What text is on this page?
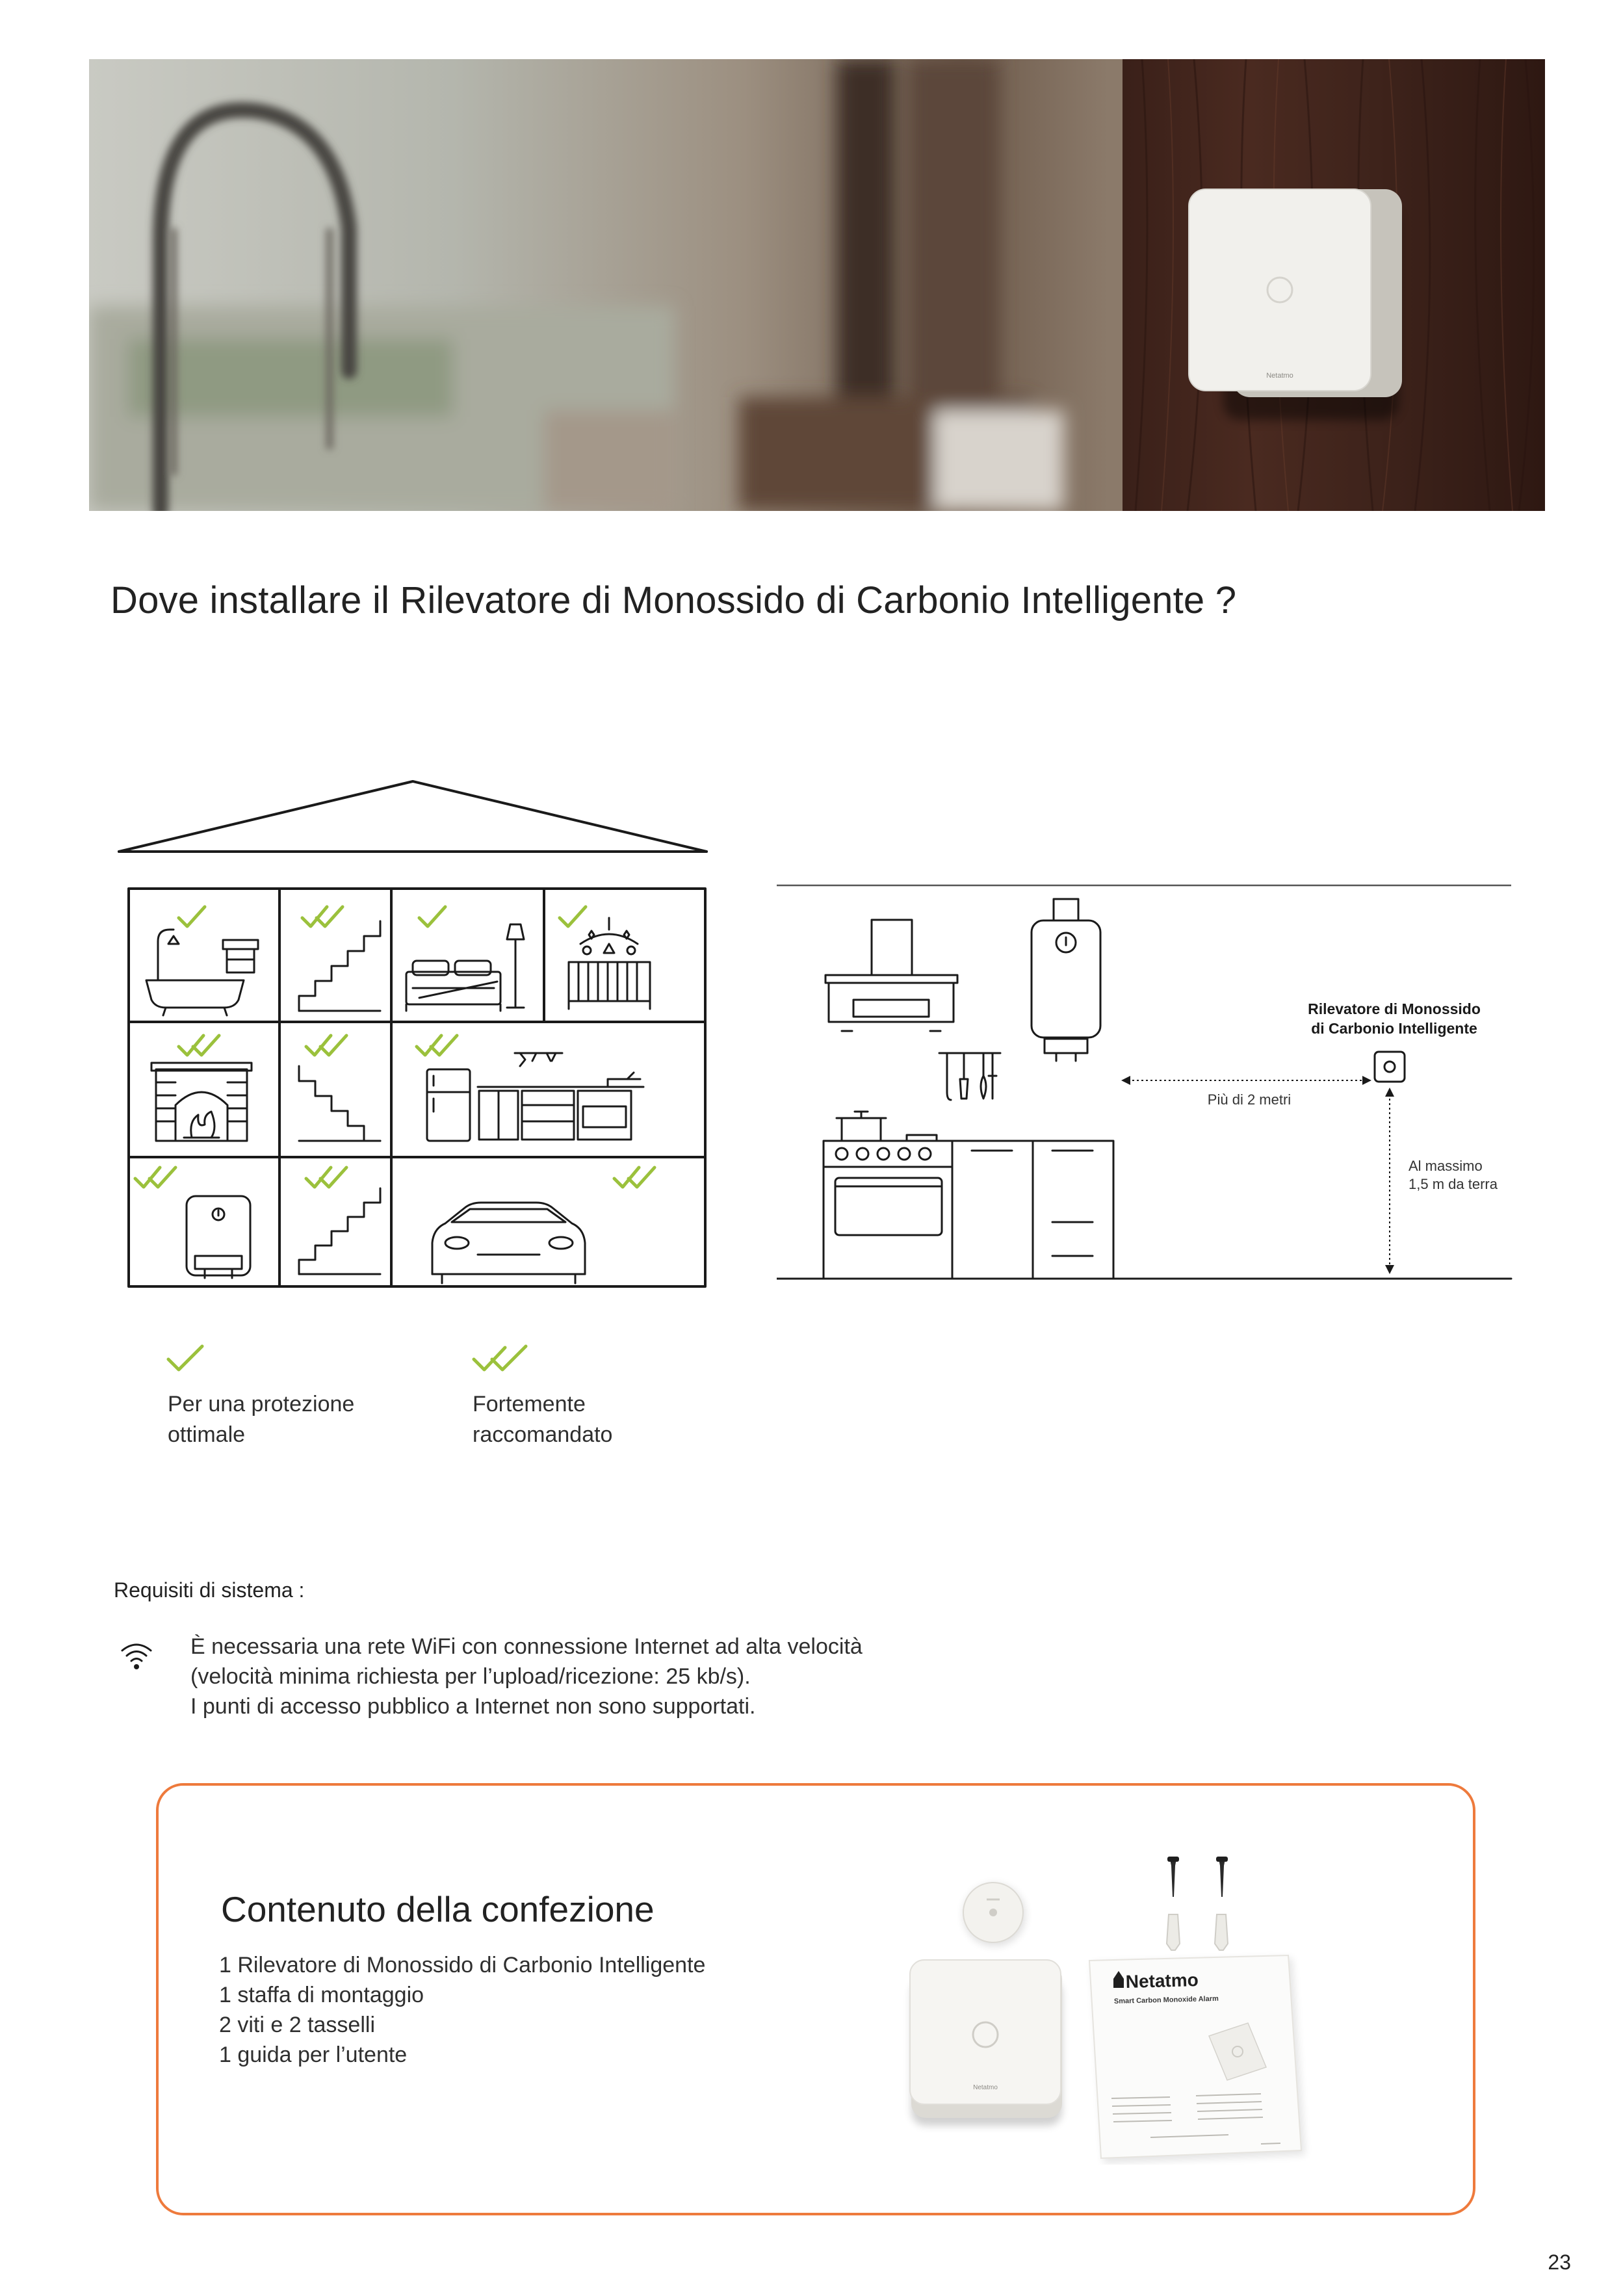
Netatmo
Dove installare il Rilevatore di Monossido di Carbonio Intelligente ?
Rilevatore di Monossido
di Carbonio Intelligente
Più di 2 metri
Al massimo
1,5 m da terra
Per una protezione
ottimale
Fortemente
raccomandato
Requisiti di sistema :
È necessaria una rete WiFi con connessione Internet ad alta velocità
(velocità minima richiesta per l’upload/ricezione: 25 kb/s).
I punti di accesso pubblico a Internet non sono supportati.
Contenuto della confezione
1 Rilevatore di Monossido di Carbonio Intelligente
1 staffa di montaggio
2 viti e 2 tasselli
1 guida per l’utente
Netatmo
Netatmo
Smart Carbon Monoxide Alarm
23
